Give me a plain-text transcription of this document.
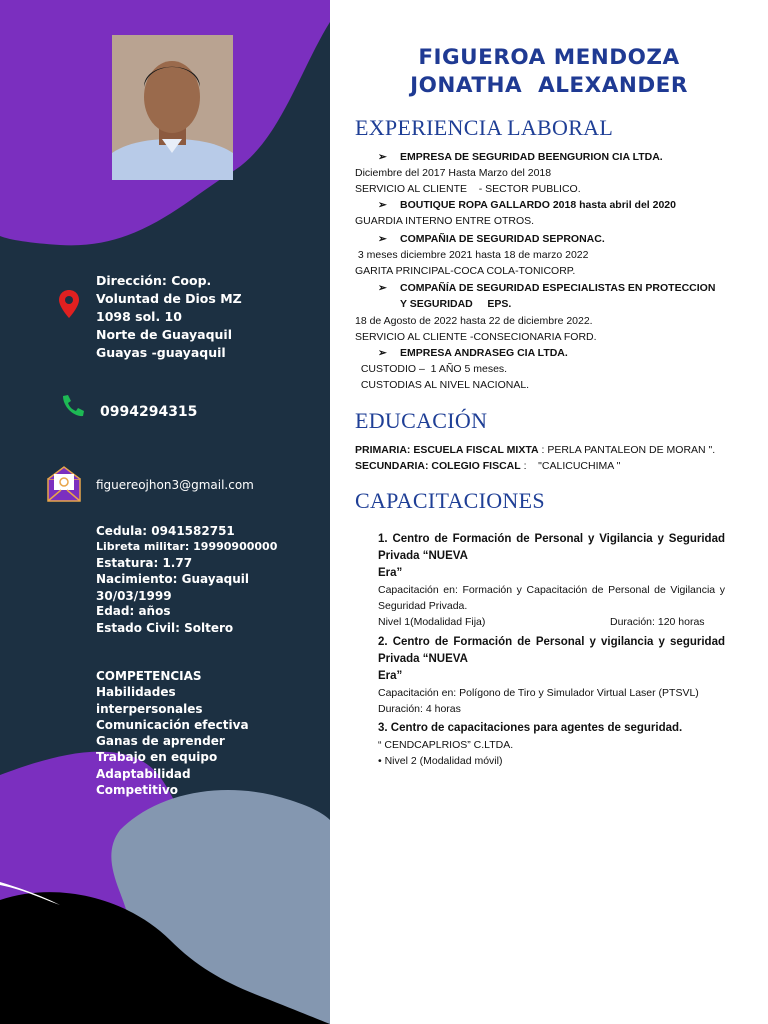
Dirección: Coop.
Voluntad de Dios MZ
1098 sol. 10
Norte de Guayaquil
Guayas -guayaquil
0994294315
figuereojhon3@gmail.com
Cedula: 0941582751
Libreta militar: 19990900000
Estatura: 1.77
Nacimiento: Guayaquil
30/03/1999
Edad: años
Estado Civil: Soltero
COMPETENCIAS
Habilidades
interpersonales
Comunicación efectiva
Ganas de aprender
Trabajo en equipo
Adaptabilidad
Competitivo
FIGUEROA MENDOZA
JONATHA  ALEXANDER
EXPERIENCIA LABORAL
➢ EMPRESA DE SEGURIDAD BEENGURION CIA LTDA.
Diciembre del 2017 Hasta Marzo del 2018
SERVICIO AL CLIENTE    - SECTOR PUBLICO.
➢ BOUTIQUE ROPA GALLARDO 2018 hasta abril del 2020
GUARDIA INTERNO ENTRE OTROS.
➢ COMPAÑIA DE SEGURIDAD SEPRONAC.
3 meses diciembre 2021 hasta 18 de marzo 2022
GARITA PRINCIPAL-COCA COLA-TONICORP.
➢ COMPAÑÍA DE SEGURIDAD ESPECIALISTAS EN PROTECCION
Y SEGURIDAD     EPS.
18 de Agosto de 2022 hasta 22 de diciembre 2022.
SERVICIO AL CLIENTE -CONSECIONARIA FORD.
➢ EMPRESA ANDRASEG CIA LTDA.
CUSTODIO –  1 AÑO 5 meses.
CUSTODIAS AL NIVEL NACIONAL.
EDUCACIÓN
PRIMARIA: ESCUELA FISCAL MIXTA : PERLA PANTALEON DE MORAN ".
SECUNDARIA: COLEGIO FISCAL :    "CALICUCHIMA "
CAPACITACIONES
1. Centro de Formación de Personal y Vigilancia y Seguridad Privada “NUEVA
Era”
Capacitación en: Formación y Capacitación de Personal de Vigilancia y Seguridad Privada.
Nivel 1(Modalidad Fija)	Duración: 120 horas
2. Centro de Formación de Personal y vigilancia y seguridad Privada “NUEVA
Era”
Capacitación en: Polígono de Tiro y Simulador Virtual Laser (PTSVL)
Duración: 4 horas
3. Centro de capacitaciones para agentes de seguridad.
“ CENDCAPLRIOS” C.LTDA.
• Nivel 2 (Modalidad móvil)
